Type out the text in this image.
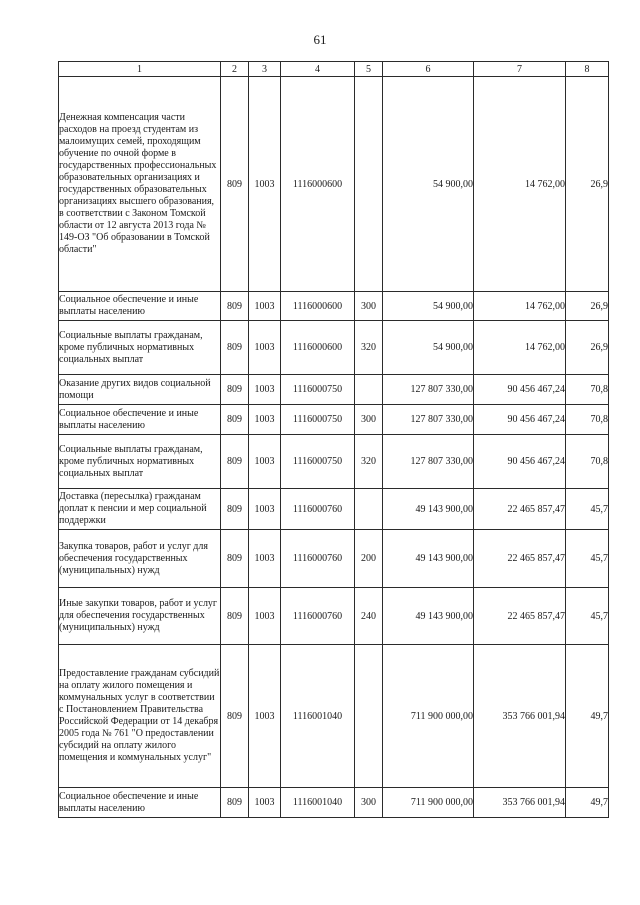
61
1	2	3	4	5	6	7	8
Денежная компенсация части расходов на проезд студентам из малоимущих семей, проходящим обучение по очной форме в государственных профессиональных образовательных организациях и государственных образовательных организациях высшего образования, в соответствии с Законом Томской области от 12 августа 2013 года № 149-ОЗ "Об образовании в Томской области"	809	1003	1116000600		54 900,00	14 762,00	26,9
Социальное обеспечение и иные выплаты населению	809	1003	1116000600	300	54 900,00	14 762,00	26,9
Социальные выплаты гражданам, кроме публичных нормативных социальных выплат	809	1003	1116000600	320	54 900,00	14 762,00	26,9
Оказание других видов социальной помощи	809	1003	1116000750		127 807 330,00	90 456 467,24	70,8
Социальное обеспечение и иные выплаты населению	809	1003	1116000750	300	127 807 330,00	90 456 467,24	70,8
Социальные выплаты гражданам, кроме публичных нормативных социальных выплат	809	1003	1116000750	320	127 807 330,00	90 456 467,24	70,8
Доставка (пересылка) гражданам доплат к пенсии и мер социальной поддержки	809	1003	1116000760		49 143 900,00	22 465 857,47	45,7
Закупка товаров, работ и услуг для обеспечения государственных (муниципальных) нужд	809	1003	1116000760	200	49 143 900,00	22 465 857,47	45,7
Иные закупки товаров, работ и услуг для обеспечения государственных (муниципальных) нужд	809	1003	1116000760	240	49 143 900,00	22 465 857,47	45,7
Предоставление гражданам субсидий на оплату жилого помещения и коммунальных услуг в соответствии с Постановлением Правительства Российской Федерации от 14 декабря 2005 года № 761 "О предоставлении субсидий на оплату жилого помещения и коммунальных услуг"	809	1003	1116001040		711 900 000,00	353 766 001,94	49,7
Социальное обеспечение и иные выплаты населению	809	1003	1116001040	300	711 900 000,00	353 766 001,94	49,7
